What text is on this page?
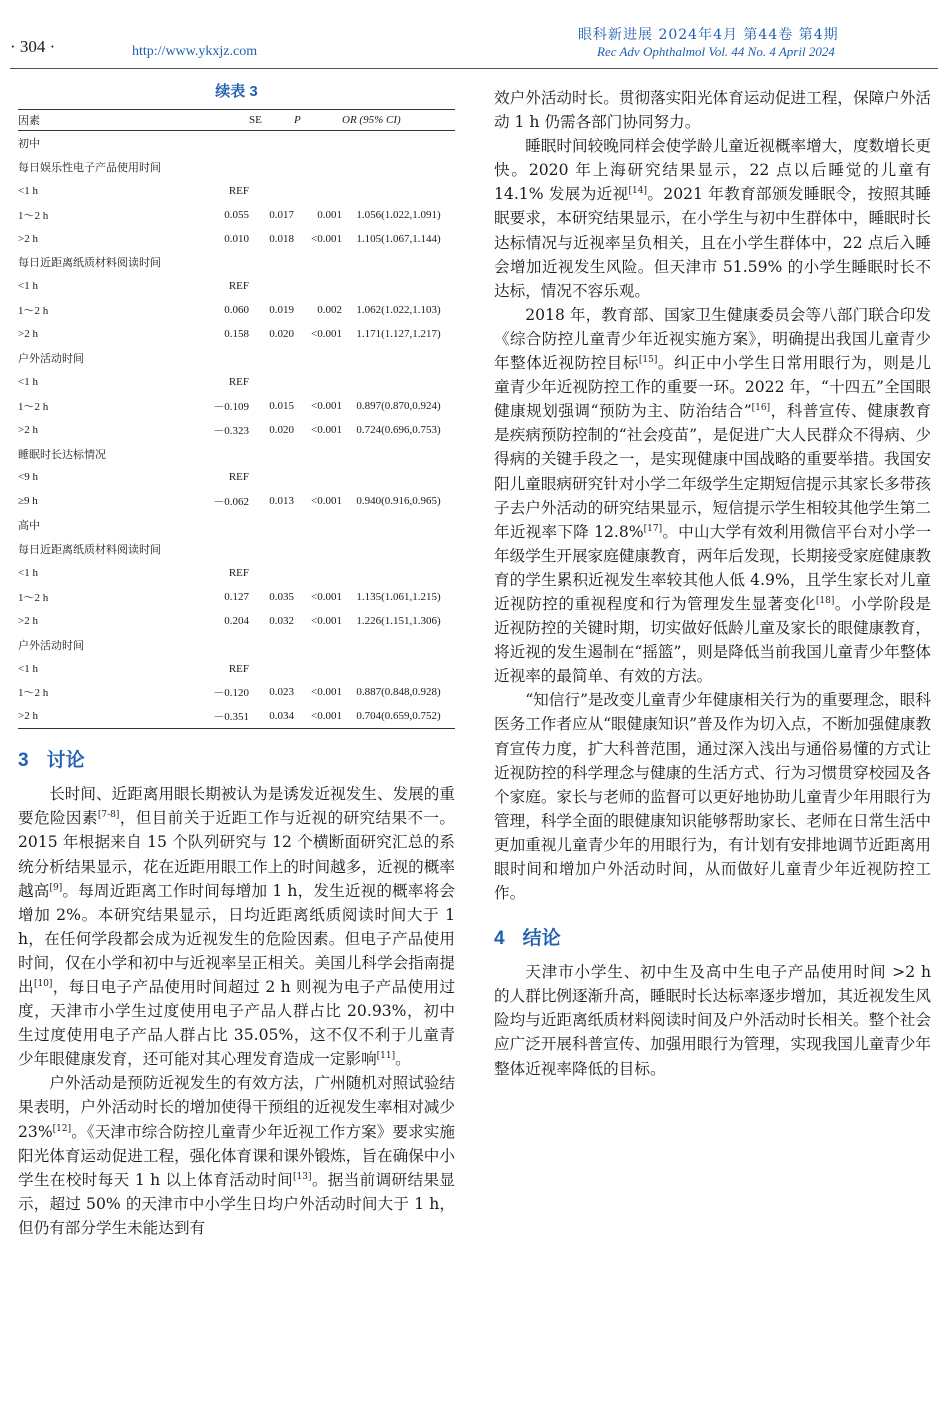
· 304 ·	http://www.ykxjz.com
眼科新进展 2024年4月 第44卷 第4期
Rec Adv Ophthalmol Vol. 44 No. 4 April 2024
续表 3
因素		SE	P	OR (95% CI)
初中				
每日娱乐性电子产品使用时间				
<1 h	REF			
1～2 h	0.055	0.017	0.001	1.056(1.022,1.091)
>2 h	0.010	0.018	<0.001	1.105(1.067,1.144)
每日近距离纸质材料阅读时间				
<1 h	REF			
1～2 h	0.060	0.019	0.002	1.062(1.022,1.103)
>2 h	0.158	0.020	<0.001	1.171(1.127,1.217)
户外活动时间				
<1 h	REF			
1～2 h	－0.109	0.015	<0.001	0.897(0.870,0.924)
>2 h	－0.323	0.020	<0.001	0.724(0.696,0.753)
睡眠时长达标情况				
<9 h	REF			
≥9 h	－0.062	0.013	<0.001	0.940(0.916,0.965)
高中				
每日近距离纸质材料阅读时间				
<1 h	REF			
1～2 h	0.127	0.035	<0.001	1.135(1.061,1.215)
>2 h	0.204	0.032	<0.001	1.226(1.151,1.306)
户外活动时间				
<1 h	REF			
1～2 h	－0.120	0.023	<0.001	0.887(0.848,0.928)
>2 h	－0.351	0.034	<0.001	0.704(0.659,0.752)
3 讨论

长时间、近距离用眼长期被认为是诱发近视发生、发展的重要危险因素[7-8]，但目前关于近距工作与近视的研究结果不一。2015 年根据来自 15 个队列研究与 12 个横断面研究汇总的系统分析结果显示，花在近距用眼工作上的时间越多，近视的概率越高[9]。每周近距离工作时间每增加 1 h，发生近视的概率将会增加 2%。本研究结果显示，日均近距离纸质阅读时间大于 1 h，在任何学段都会成为近视发生的危险因素。但电子产品使用时间，仅在小学和初中与近视率呈正相关。美国儿科学会指南提出[10]，每日电子产品使用时间超过 2 h 则视为电子产品使用过度，天津市小学生过度使用电子产品人群占比 20.93%，初中生过度使用电子产品人群占比 35.05%，这不仅不利于儿童青少年眼健康发育，还可能对其心理发育造成一定影响[11]。

户外活动是预防近视发生的有效方法，广州随机对照试验结果表明，户外活动时长的增加使得干预组的近视发生率相对减少 23%[12]。《天津市综合防控儿童青少年近视工作方案》要求实施阳光体育运动促进工程，强化体育课和课外锻炼，旨在确保中小学生在校时每天 1 h 以上体育活动时间[13]。据当前调研结果显示，超过 50% 的天津市中小学生日均户外活动时间大于 1 h，但仍有部分学生未能达到有

效户外活动时长。贯彻落实阳光体育运动促进工程，保障户外活动 1 h 仍需各部门协同努力。

睡眠时间较晚同样会使学龄儿童近视概率增大，度数增长更快。2020 年上海研究结果显示，22 点以后睡觉的儿童有 14.1% 发展为近视[14]。2021 年教育部颁发睡眠令，按照其睡眠要求，本研究结果显示，在小学生与初中生群体中，睡眠时长达标情况与近视率呈负相关，且在小学生群体中，22 点后入睡会增加近视发生风险。但天津市 51.59% 的小学生睡眠时长不达标，情况不容乐观。

2018 年，教育部、国家卫生健康委员会等八部门联合印发《综合防控儿童青少年近视实施方案》，明确提出我国儿童青少年整体近视防控目标[15]。纠正中小学生日常用眼行为，则是儿童青少年近视防控工作的重要一环。2022 年，“十四五”全国眼健康规划强调“预防为主、防治结合”[16]，科普宣传、健康教育是疾病预防控制的“社会疫苗”，是促进广大人民群众不得病、少得病的关键手段之一，是实现健康中国战略的重要举措。我国安阳儿童眼病研究针对小学二年级学生定期短信提示其家长多带孩子去户外活动的研究结果显示，短信提示学生相较其他学生第二年近视率下降 12.8%[17]。中山大学有效利用微信平台对小学一年级学生开展家庭健康教育，两年后发现，长期接受家庭健康教育的学生累积近视发生率较其他人低 4.9%，且学生家长对儿童近视防控的重视程度和行为管理发生显著变化[18]。小学阶段是近视防控的关键时期，切实做好低龄儿童及家长的眼健康教育，将近视的发生遏制在“摇篮”，则是降低当前我国儿童青少年整体近视率的最简单、有效的方法。

“知信行”是改变儿童青少年健康相关行为的重要理念，眼科医务工作者应从“眼健康知识”普及作为切入点，不断加强健康教育宣传力度，扩大科普范围，通过深入浅出与通俗易懂的方式让近视防控的科学理念与健康的生活方式、行为习惯贯穿校园及各个家庭。家长与老师的监督可以更好地协助儿童青少年用眼行为管理，科学全面的眼健康知识能够帮助家长、老师在日常生活中更加重视儿童青少年的用眼行为，有计划有安排地调节近距离用眼时间和增加户外活动时间，从而做好儿童青少年近视防控工作。

4 结论

天津市小学生、初中生及高中生电子产品使用时间 >2 h 的人群比例逐渐升高，睡眠时长达标率逐步增加，其近视发生风险均与近距离纸质材料阅读时间及户外活动时长相关。整个社会应广泛开展科普宣传、加强用眼行为管理，实现我国儿童青少年整体近视率降低的目标。
